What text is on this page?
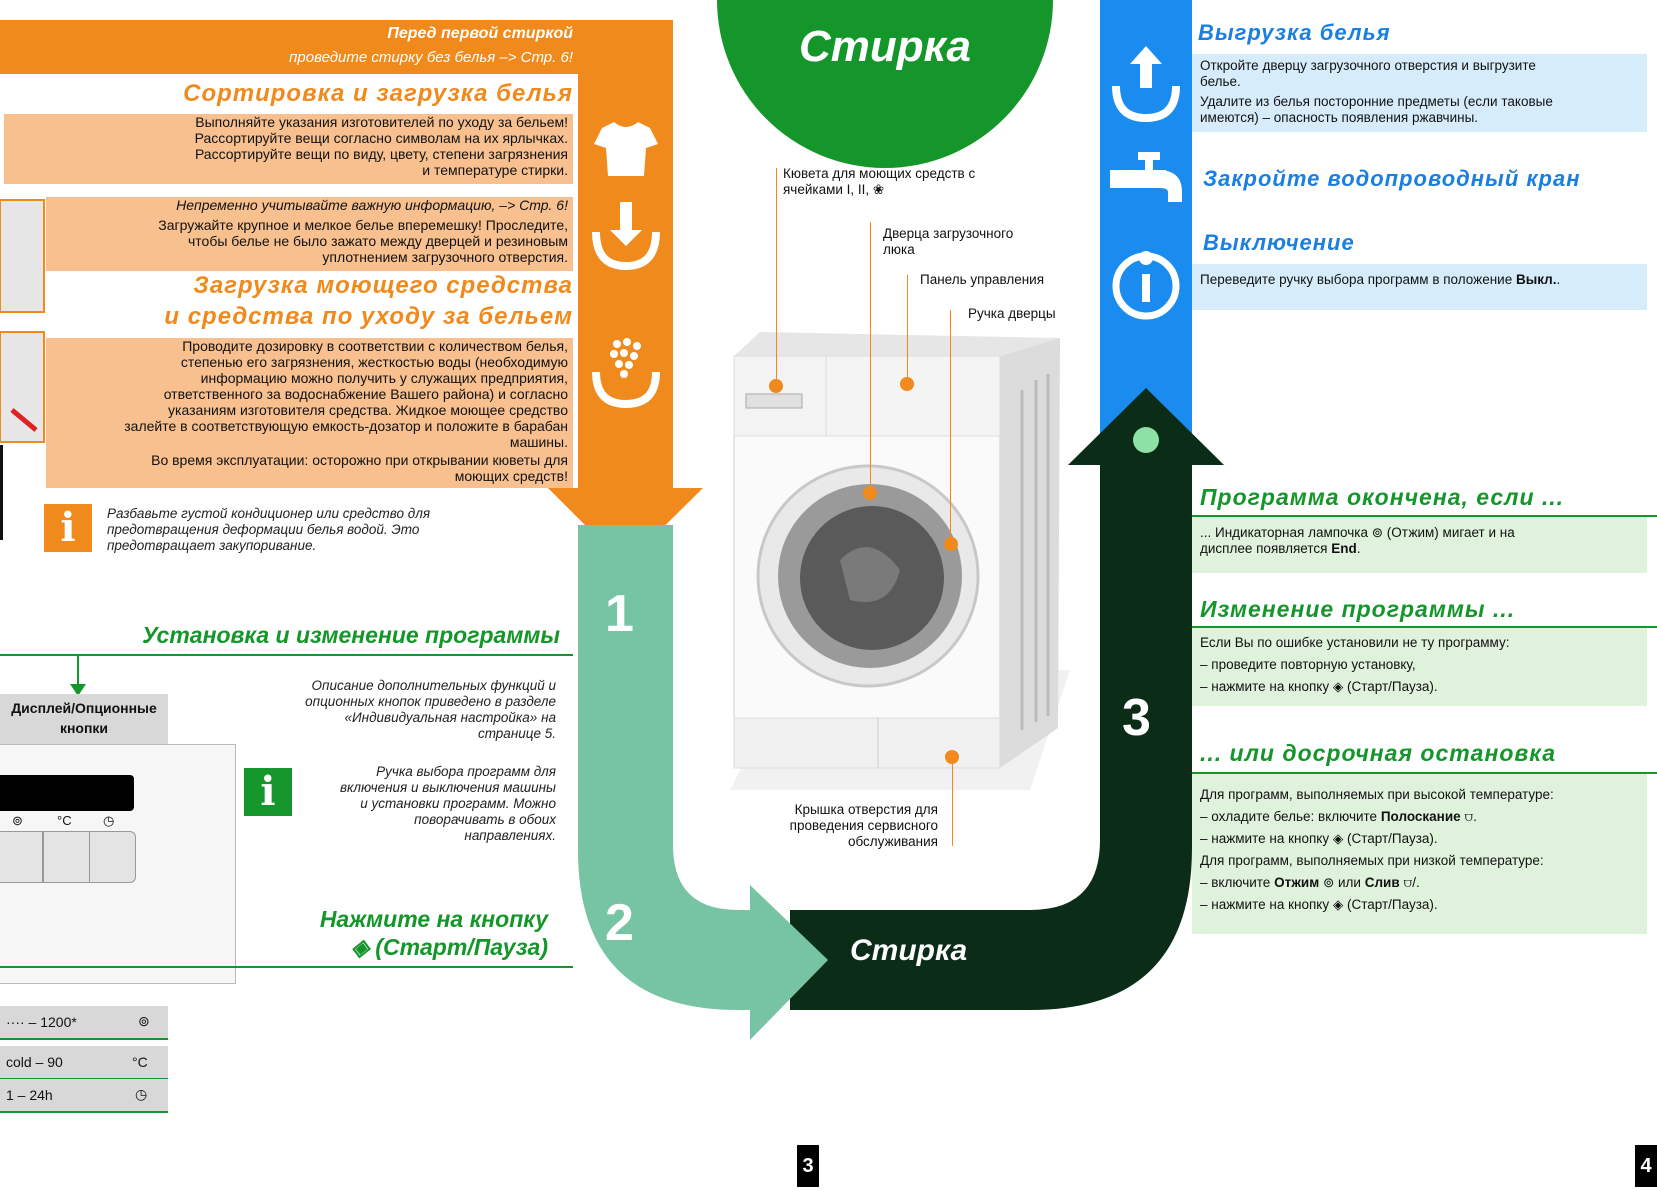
Перед первой стиркой
проведите стирку без белья –> Стр. 6!
Сортировка и загрузка белья
Выполняйте указания изготовителей по уходу за бельем!
Рассортируйте вещи согласно символам на их ярлычках.
Рассортируйте вещи по виду, цвету, степени загрязнения
и температуре стирки.
Непременно учитывайте важную информацию, –> Стр. 6!
Загружайте крупное и мелкое белье вперемешку! Проследите,
чтобы белье не было зажато между дверцей и резиновым
уплотнением загрузочного отверстия.
Загрузка моющего средства
и средства по уходу за бельем
Проводите дозировку в соответствии с количеством белья,
степенью его загрязнения, жесткостью воды (необходимую
информацию можно получить у служащих предприятия,
ответственного за водоснабжение Вашего района) и согласно
указаниям изготовителя средства. Жидкое моющее средство
залейте в соответствующую емкость-дозатор и положите в барабан
машины.
Во время эксплуатации: осторожно при открывании кюветы для
моющих средств!
i	Разбавьте густой кондиционер или средство для
предотвращения деформации белья водой. Это
предотвращает закупоривание.
Установка и изменение программы
Дисплей/Опционные
кнопки
⊚	°C ◷
···· – 1200*	⊚
cold – 90	°C
1 – 24h	◷
Описание дополнительных функций и
опционных кнопок приведено в разделе
«Индивидуальная настройка» на
странице 5.
i	Ручка выбора программ для
включения и выключения машины
и установки программ. Можно
поворачивать в обоих
направлениях.
Нажмите на кнопку
◈ (Старт/Пауза)
Стирка
1
2
3
Стирка
Кювета для моющих средств с
ячейками I, II, ❀
Дверца загрузочного
люка
Панель управления
Ручка дверцы
Крышка отверстия для
проведения сервисного
обслуживания
Выгрузка белья
Откройте дверцу загрузочного отверстия и выгрузите
белье.
Удалите из белья посторонние предметы (если таковые
имеются) – опасность появления ржавчины.
Закройте водопроводный кран
Выключение
Переведите ручку выбора программ в положение Выкл..
Программа окончена, если ...
... Индикаторная лампочка ⊚ (Отжим) мигает и на
дисплее появляется End.
Изменение программы ...
Если Вы по ошибке установили не ту программу:
– проведите повторную установку,
– нажмите на кнопку ◈ (Старт/Пауза).
... или досрочная остановка
Для программ, выполняемых при высокой температуре:
– охладите белье: включите Полоскание ⩌.
– нажмите на кнопку ◈ (Старт/Пауза).
Для программ, выполняемых при низкой температуре:
– включите Отжим ⊚ или Слив ⩌/.
– нажмите на кнопку ◈ (Старт/Пауза).
3	4
